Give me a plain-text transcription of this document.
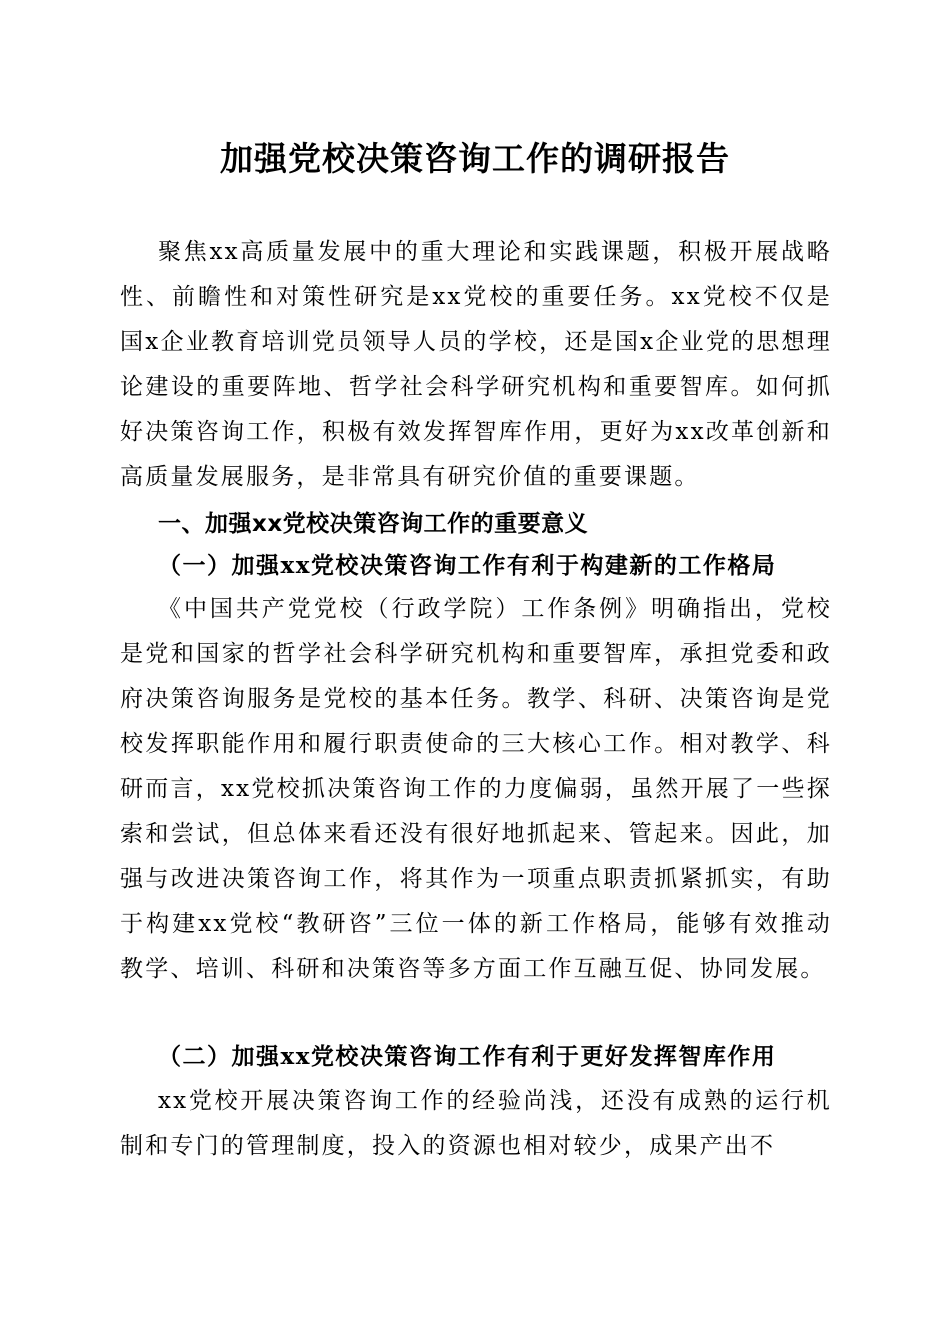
加强党校决策咨询工作的调研报告

聚焦xx高质量发展中的重大理论和实践课题，积极开展战略性、前瞻性和对策性研究是xx党校的重要任务。xx党校不仅是国x企业教育培训党员领导人员的学校，还是国x企业党的思想理论建设的重要阵地、哲学社会科学研究机构和重要智库。如何抓好决策咨询工作，积极有效发挥智库作用，更好为xx改革创新和高质量发展服务，是非常具有研究价值的重要课题。

一、加强xx党校决策咨询工作的重要意义

（一）加强xx党校决策咨询工作有利于构建新的工作格局

《中国共产党党校（行政学院）工作条例》明确指出，党校是党和国家的哲学社会科学研究机构和重要智库，承担党委和政府决策咨询服务是党校的基本任务。教学、科研、决策咨询是党校发挥职能作用和履行职责使命的三大核心工作。相对教学、科研而言，xx党校抓决策咨询工作的力度偏弱，虽然开展了一些探索和尝试，但总体来看还没有很好地抓起来、管起来。因此，加强与改进决策咨询工作，将其作为一项重点职责抓紧抓实，有助于构建xx党校“教研咨”三位一体的新工作格局，能够有效推动教学、培训、科研和决策咨等多方面工作互融互促、协同发展。

（二）加强xx党校决策咨询工作有利于更好发挥智库作用

xx党校开展决策咨询工作的经验尚浅，还没有成熟的运行机制和专门的管理制度，投入的资源也相对较少，成果产出不
